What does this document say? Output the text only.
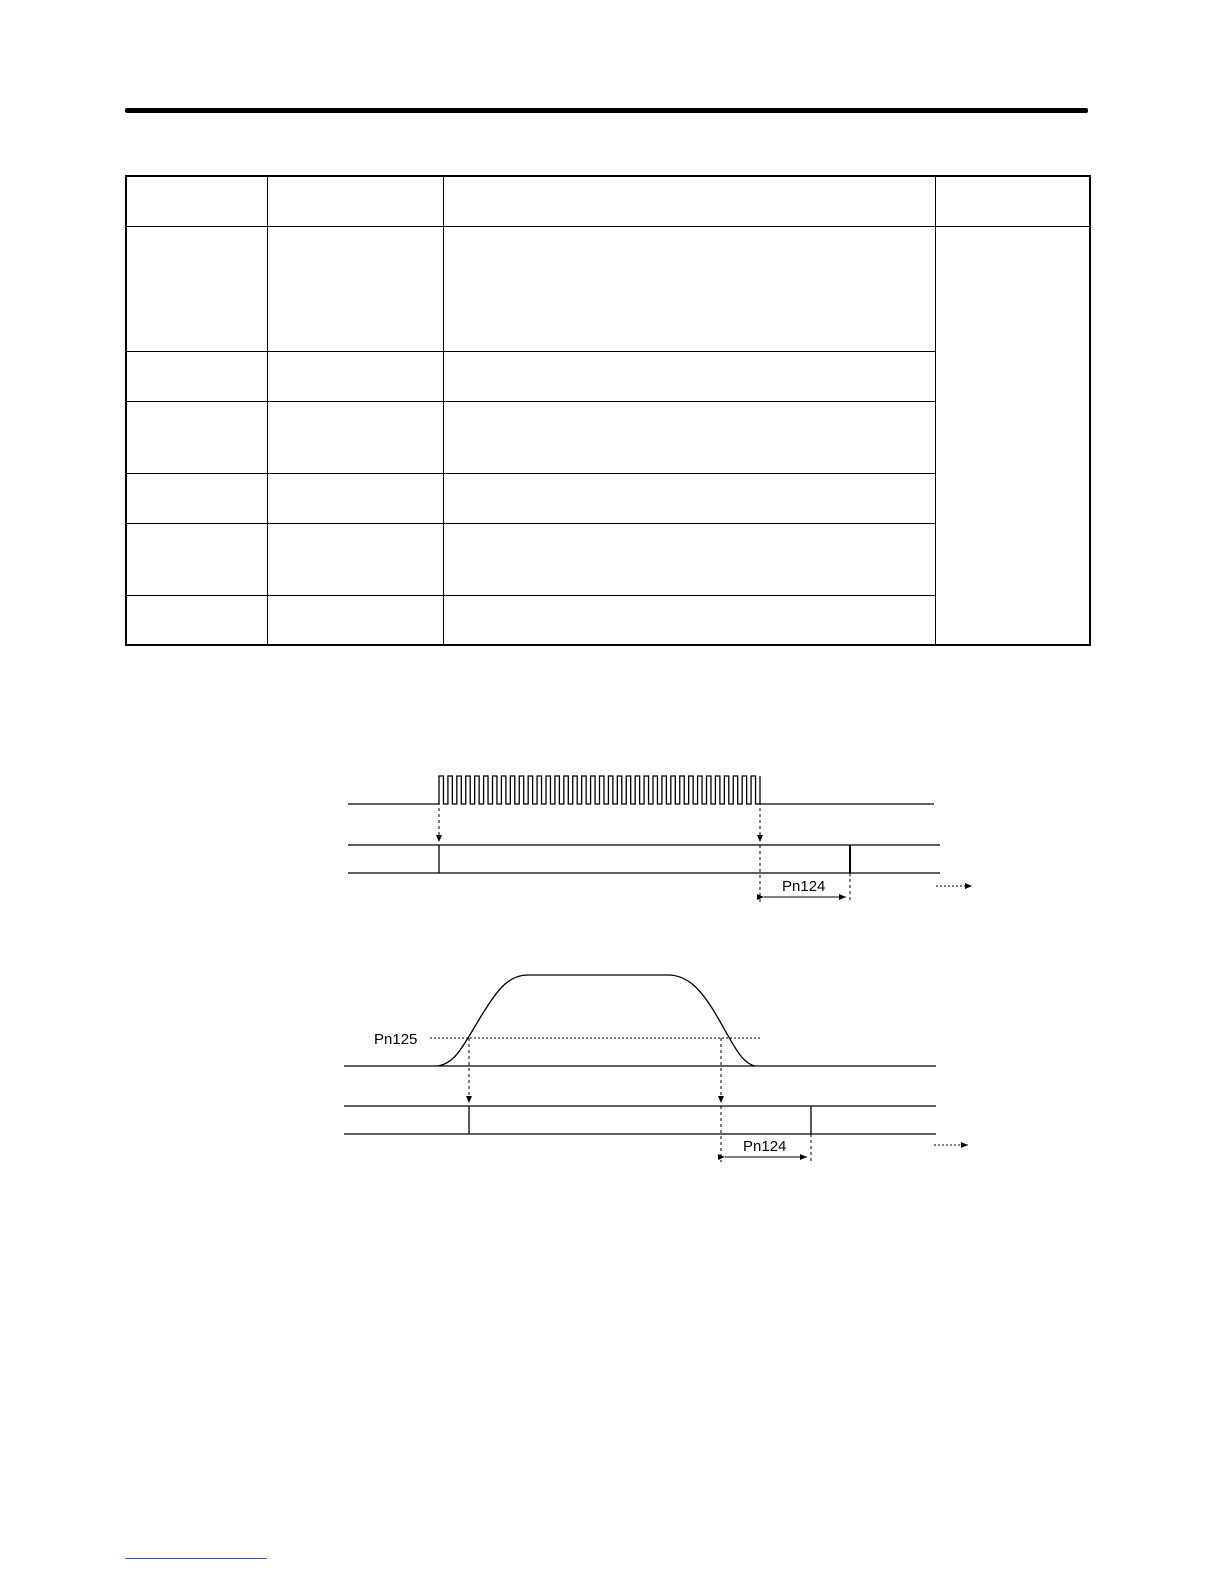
Pn124
Pn125
Pn124
